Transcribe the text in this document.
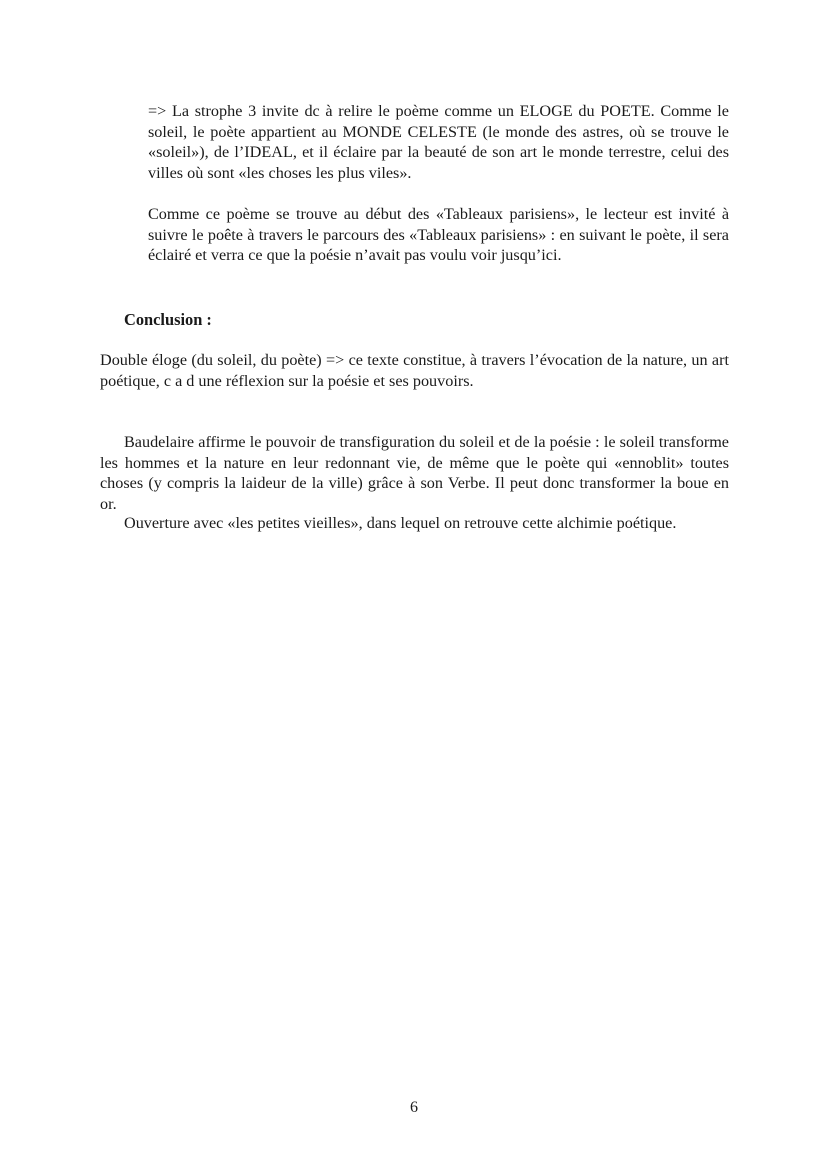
=> La strophe 3 invite dc à relire le poème comme un ELOGE du POETE. Comme le soleil, le poète appartient au MONDE CELESTE (le monde des astres, où se trouve le «soleil»), de l’IDEAL, et il éclaire par la beauté de son art le monde terrestre, celui des villes où sont «les choses les plus viles».

Comme ce poème se trouve au début des «Tableaux parisiens», le lecteur est invité à suivre le poête à travers le parcours des «Tableaux parisiens» : en suivant le poète, il sera éclairé et verra ce que la poésie n’avait pas voulu voir jusqu’ici.

Conclusion :

Double éloge (du soleil, du poète) => ce texte constitue, à travers l’évocation de la nature, un art poétique, c a d une réflexion sur la poésie et ses pouvoirs.

Baudelaire affirme le pouvoir de transfiguration du soleil et de la poésie : le soleil transforme les hommes et la nature en leur redonnant vie, de même que le poète qui «ennoblit» toutes choses (y compris la laideur de la ville) grâce à son Verbe. Il peut donc transformer la boue en or.

Ouverture avec «les petites vieilles», dans lequel on retrouve cette alchimie poétique.

6
